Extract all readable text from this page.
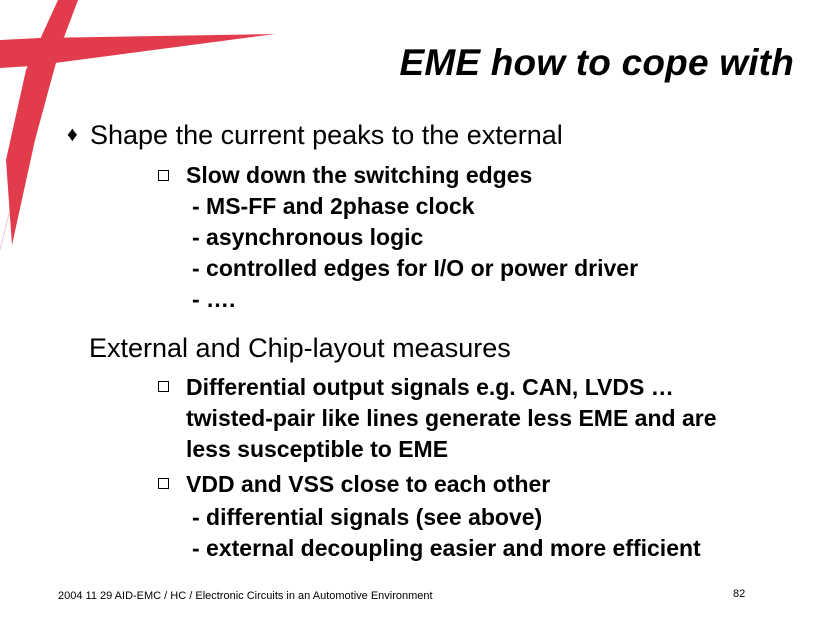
EME how to cope with
♦ Shape the current peaks to the external
Slow down the switching edges
- MS-FF and 2phase clock
- asynchronous logic
- controlled edges for I/O or power driver
- ….
External and Chip-layout measures
Differential output signals e.g. CAN, LVDS …
twisted-pair like lines generate less EME and are
less susceptible to EME
VDD and VSS close to each other
- differential signals (see above)
- external decoupling easier and more efficient
2004 11 29 AID-EMC / HC / Electronic Circuits in an Automotive Environment	82
